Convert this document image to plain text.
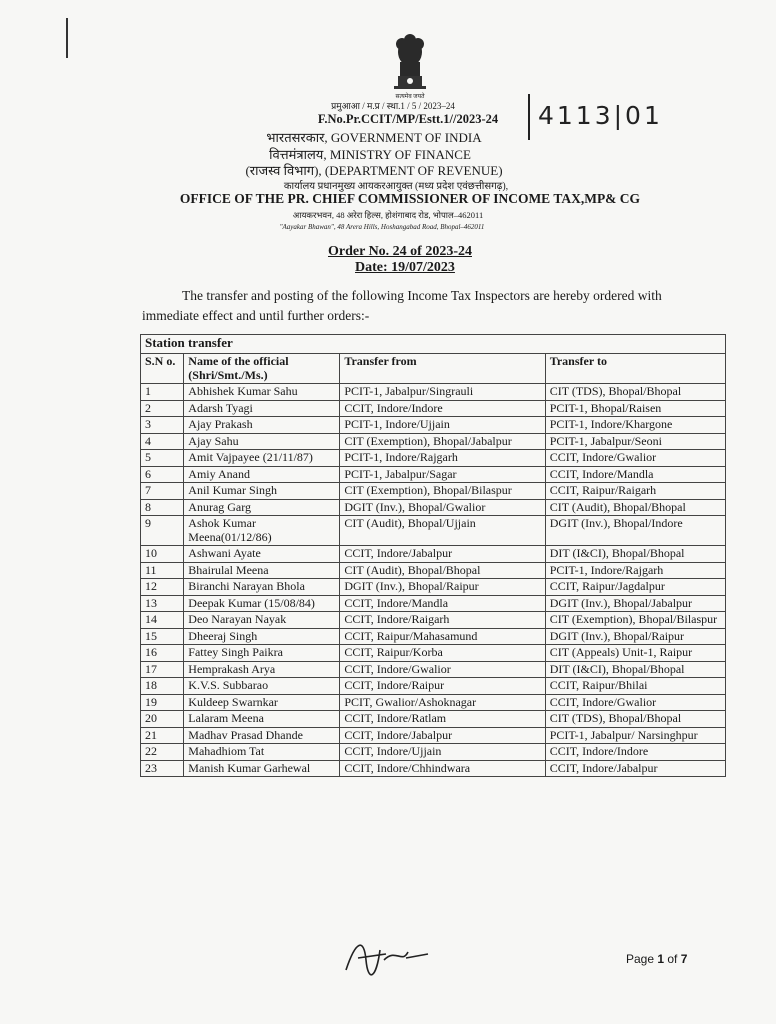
सत्यमेव जयते
प्रमुआआ / म.प्र / स्था.1 / 5 / 2023–24
F.No.Pr.CCIT/MP/Estt.1//2023-24	4113|01
भारतसरकार, GOVERNMENT OF INDIA
वित्तमंत्रालय, MINISTRY OF FINANCE
(राजस्व विभाग), (DEPARTMENT OF REVENUE)
कार्यालय प्रधानमुख्य आयकरआयुक्त (मध्य प्रदेश एवंछत्तीसगढ़),
OFFICE OF THE PR. CHIEF COMMISSIONER OF INCOME TAX,MP& CG
आयकरभवन, 48 अरेरा हिल्स, होशंगाबाद रोड, भोपाल–462011
"Aayakar Bhawan", 48 Arera Hills, Hoshangabad Road, Bhopal–462011
Order No. 24 of 2023-24
Date: 19/07/2023
The transfer and posting of the following Income Tax Inspectors are hereby ordered with immediate effect and until further orders:-
Station transfer			
S.N o.	Name of the official (Shri/Smt./Ms.)	Transfer from	Transfer to
1	Abhishek Kumar Sahu	PCIT-1, Jabalpur/Singrauli	CIT (TDS), Bhopal/Bhopal
2	Adarsh Tyagi	CCIT, Indore/Indore	PCIT-1, Bhopal/Raisen
3	Ajay Prakash	PCIT-1, Indore/Ujjain	PCIT-1, Indore/Khargone
4	Ajay Sahu	CIT (Exemption), Bhopal/Jabalpur	PCIT-1, Jabalpur/Seoni
5	Amit Vajpayee (21/11/87)	PCIT-1, Indore/Rajgarh	CCIT, Indore/Gwalior
6	Amiy Anand	PCIT-1, Jabalpur/Sagar	CCIT, Indore/Mandla
7	Anil Kumar Singh	CIT (Exemption), Bhopal/Bilaspur	CCIT, Raipur/Raigarh
8	Anurag Garg	DGIT (Inv.), Bhopal/Gwalior	CIT (Audit), Bhopal/Bhopal
9	Ashok Kumar Meena(01/12/86)	CIT (Audit), Bhopal/Ujjain	DGIT (Inv.), Bhopal/Indore
10	Ashwani Ayate	CCIT, Indore/Jabalpur	DIT (I&CI), Bhopal/Bhopal
11	Bhairulal Meena	CIT (Audit), Bhopal/Bhopal	PCIT-1, Indore/Rajgarh
12	Biranchi Narayan Bhola	DGIT (Inv.), Bhopal/Raipur	CCIT, Raipur/Jagdalpur
13	Deepak Kumar (15/08/84)	CCIT, Indore/Mandla	DGIT (Inv.), Bhopal/Jabalpur
14	Deo Narayan Nayak	CCIT, Indore/Raigarh	CIT (Exemption), Bhopal/Bilaspur
15	Dheeraj Singh	CCIT, Raipur/Mahasamund	DGIT (Inv.), Bhopal/Raipur
16	Fattey Singh Paikra	CCIT, Raipur/Korba	CIT (Appeals) Unit-1, Raipur
17	Hemprakash Arya	CCIT, Indore/Gwalior	DIT (I&CI), Bhopal/Bhopal
18	K.V.S. Subbarao	CCIT, Indore/Raipur	CCIT, Raipur/Bhilai
19	Kuldeep Swarnkar	PCIT, Gwalior/Ashoknagar	CCIT, Indore/Gwalior
20	Lalaram Meena	CCIT, Indore/Ratlam	CIT (TDS), Bhopal/Bhopal
21	Madhav Prasad Dhande	CCIT, Indore/Jabalpur	PCIT-1, Jabalpur/ Narsinghpur
22	Mahadhiom Tat	CCIT, Indore/Ujjain	CCIT, Indore/Indore
23	Manish Kumar Garhewal	CCIT, Indore/Chhindwara	CCIT, Indore/Jabalpur
Page 1 of 7
